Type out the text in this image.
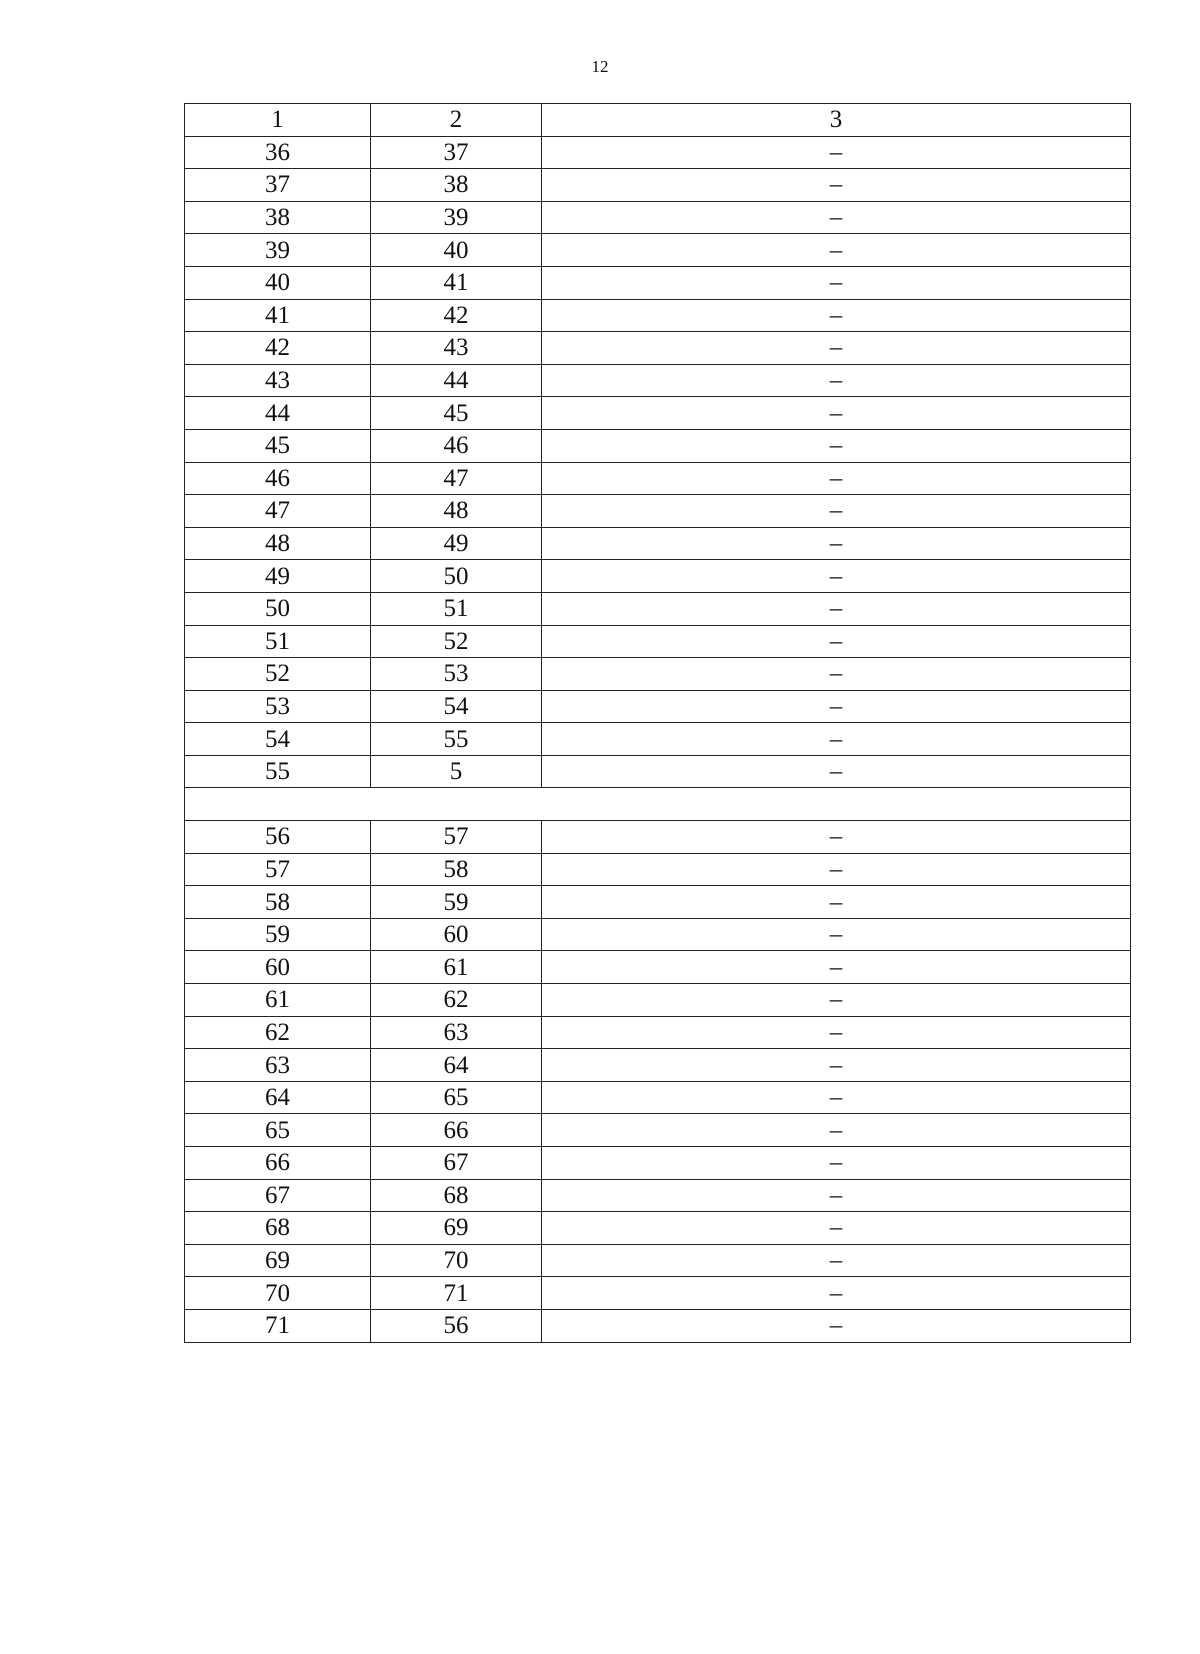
12
1	2	3
36	37	–
37	38	–
38	39	–
39	40	–
40	41	–
41	42	–
42	43	–
43	44	–
44	45	–
45	46	–
46	47	–
47	48	–
48	49	–
49	50	–
50	51	–
51	52	–
52	53	–
53	54	–
54	55	–
55	5	–

56	57	–
57	58	–
58	59	–
59	60	–
60	61	–
61	62	–
62	63	–
63	64	–
64	65	–
65	66	–
66	67	–
67	68	–
68	69	–
69	70	–
70	71	–
71	56	–
